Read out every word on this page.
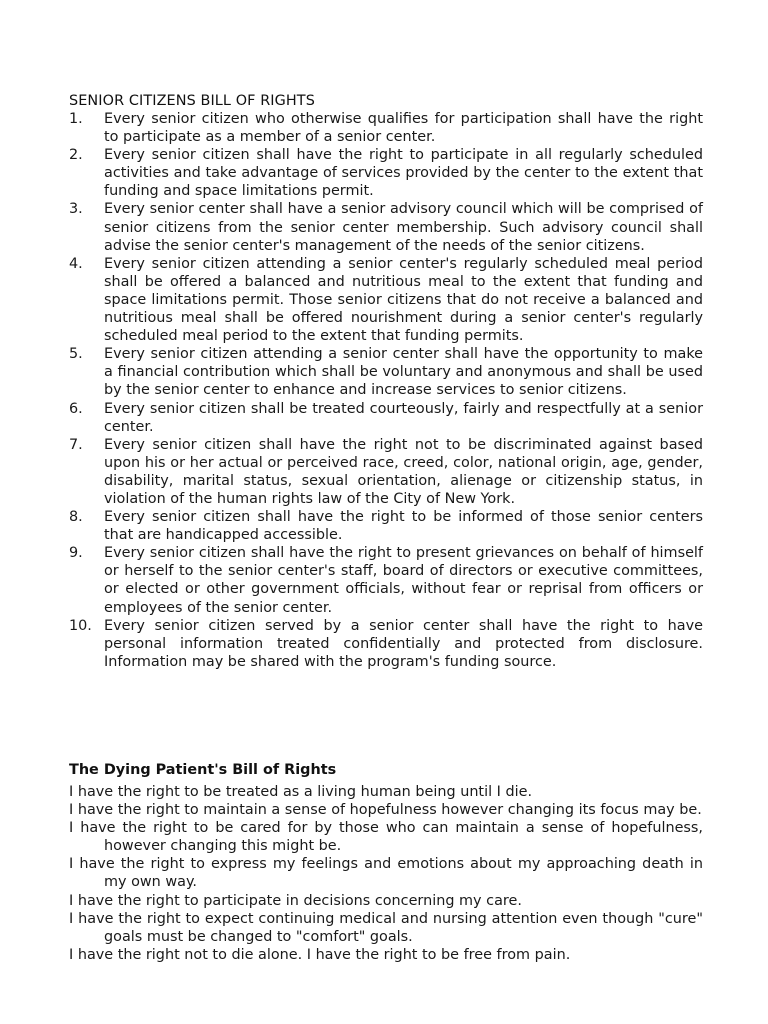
SENIOR CITIZENS BILL OF RIGHTS
1. Every senior citizen who otherwise qualifies for participation shall have the right to participate as a member of a senior center.
2. Every senior citizen shall have the right to participate in all regularly scheduled activities and take advantage of services provided by the center to the extent that funding and space limitations permit.
3. Every senior center shall have a senior advisory council which will be comprised of senior citizens from the senior center membership. Such advisory council shall advise the senior center's management of the needs of the senior citizens.
4. Every senior citizen attending a senior center's regularly scheduled meal period shall be offered a balanced and nutritious meal to the extent that funding and space limitations permit. Those senior citizens that do not receive a balanced and nutritious meal shall be offered nourishment during a senior center's regularly scheduled meal period to the extent that funding permits.
5. Every senior citizen attending a senior center shall have the opportunity to make a financial contribution which shall be voluntary and anonymous and shall be used by the senior center to enhance and increase services to senior citizens.
6. Every senior citizen shall be treated courteously, fairly and respectfully at a senior center.
7. Every senior citizen shall have the right not to be discriminated against based upon his or her actual or perceived race, creed, color, national origin, age, gender, disability, marital status, sexual orientation, alienage or citizenship status, in violation of the human rights law of the City of New York.
8. Every senior citizen shall have the right to be informed of those senior centers that are handicapped accessible.
9. Every senior citizen shall have the right to present grievances on behalf of himself or herself to the senior center's staff, board of directors or executive committees, or elected or other government officials, without fear or reprisal from officers or employees of the senior center.
10. Every senior citizen served by a senior center shall have the right to have personal information treated confidentially and protected from disclosure. Information may be shared with the program's funding source.
The Dying Patient's Bill of Rights

I have the right to be treated as a living human being until I die.

I have the right to maintain a sense of hopefulness however changing its focus may be.

I have the right to be cared for by those who can maintain a sense of hopefulness, however changing this might be.

I have the right to express my feelings and emotions about my approaching death in my own way.

I have the right to participate in decisions concerning my care.

I have the right to expect continuing medical and nursing attention even though "cure" goals must be changed to "comfort" goals.

I have the right not to die alone. I have the right to be free from pain.
